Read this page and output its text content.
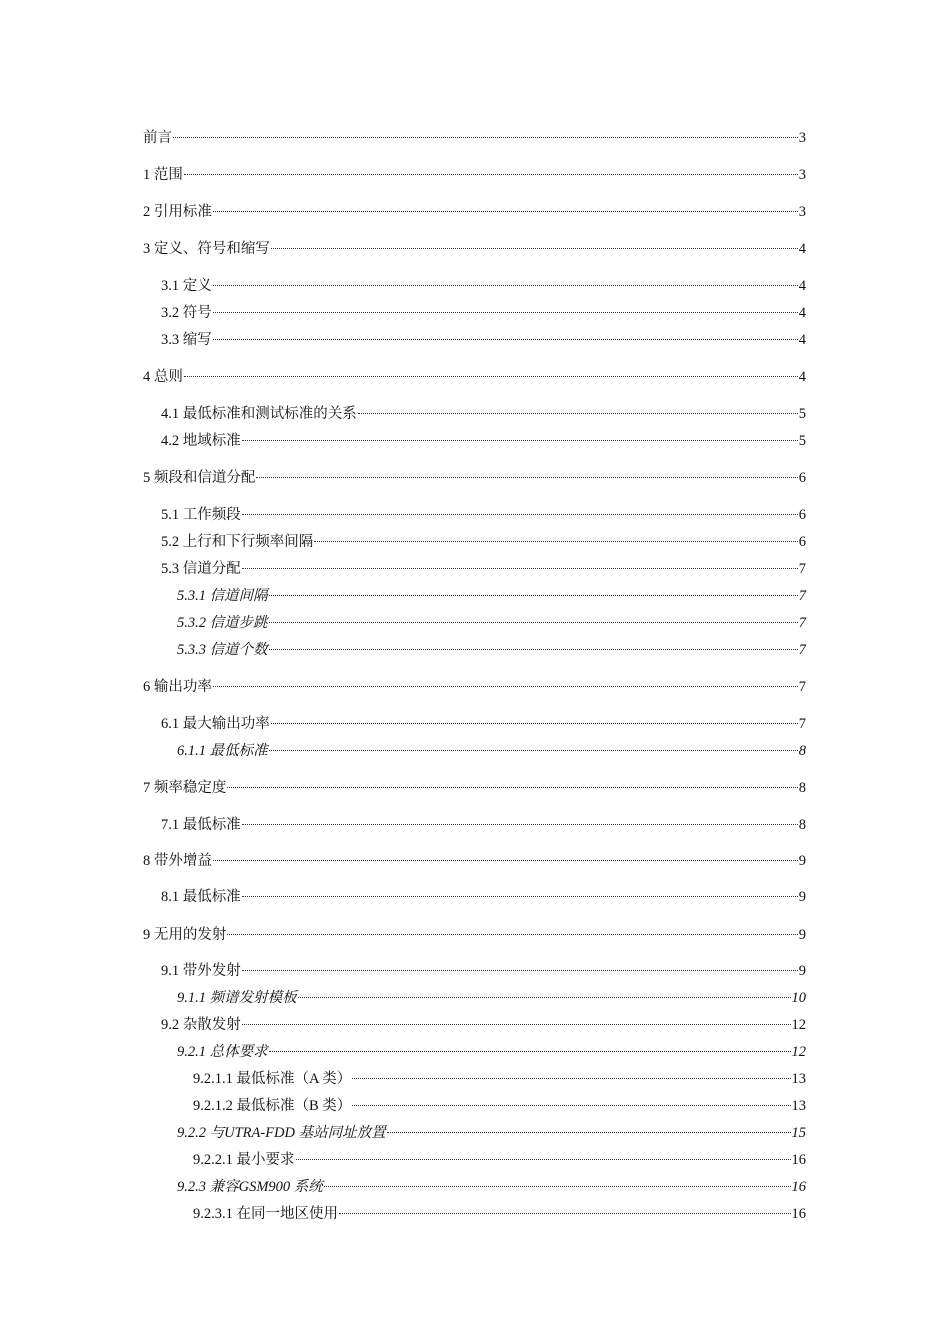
前言	3
1 范围	3
2 引用标准	3
3 定义、符号和缩写	4
3.1 定义	4
3.2 符号	4
3.3 缩写	4
4 总则	4
4.1 最低标准和测试标准的关系	5
4.2 地域标准	5
5 频段和信道分配	6
5.1 工作频段	6
5.2 上行和下行频率间隔	6
5.3 信道分配	7
5.3.1 信道间隔	7
5.3.2 信道步跳	7
5.3.3 信道个数	7
6 输出功率	7
6.1 最大输出功率	7
6.1.1 最低标准	8
7 频率稳定度	8
7.1 最低标准	8
8 带外增益	9
8.1 最低标准	9
9 无用的发射	9
9.1 带外发射	9
9.1.1 频谱发射模板	10
9.2 杂散发射	12
9.2.1 总体要求	12
9.2.1.1 最低标准（A 类）	13
9.2.1.2 最低标准（B 类）	13
9.2.2 与UTRA-FDD 基站同址放置	15
9.2.2.1 最小要求	16
9.2.3 兼容GSM900 系统	16
9.2.3.1 在同一地区使用	16
